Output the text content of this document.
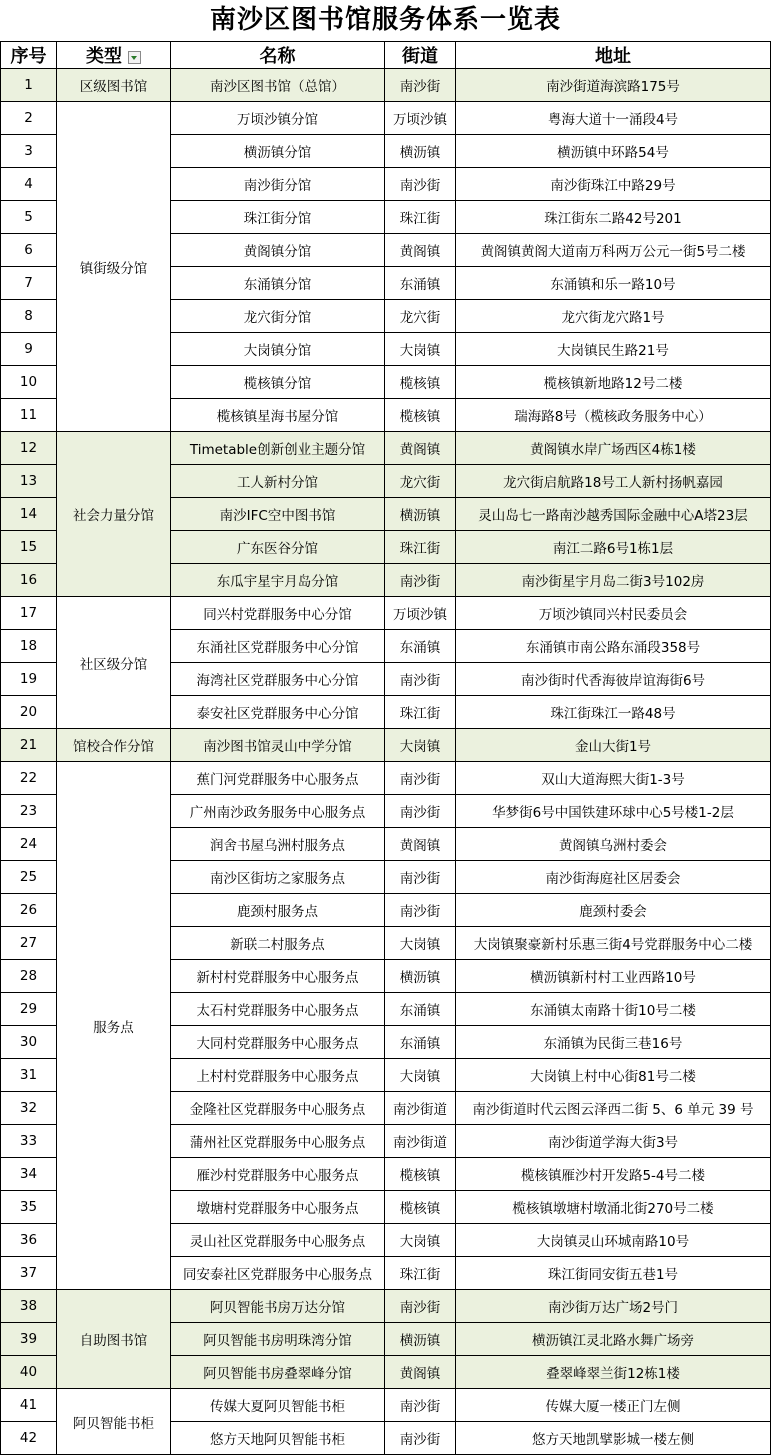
南沙区图书馆服务体系一览表
序号	类型	名称	街道	地址
1	区级图书馆	南沙区图书馆（总馆）	南沙街	南沙街道海滨路175号
2	镇街级分馆	万顷沙镇分馆	万顷沙镇	粤海大道十一涌段4号
3		横沥镇分馆	横沥镇	横沥镇中环路54号
4		南沙街分馆	南沙街	南沙街珠江中路29号
5		珠江街分馆	珠江街	珠江街东二路42号201
6		黄阁镇分馆	黄阁镇	黄阁镇黄阁大道南万科两万公元一街5号二楼
7		东涌镇分馆	东涌镇	东涌镇和乐一路10号
8		龙穴街分馆	龙穴街	龙穴街龙穴路1号
9		大岗镇分馆	大岗镇	大岗镇民生路21号
10		榄核镇分馆	榄核镇	榄核镇新地路12号二楼
11		榄核镇星海书屋分馆	榄核镇	瑞海路8号（榄核政务服务中心）
12	社会力量分馆	Timetable创新创业主题分馆	黄阁镇	黄阁镇水岸广场西区4栋1楼
13		工人新村分馆	龙穴街	龙穴街启航路18号工人新村扬帆嘉园
14		南沙IFC空中图书馆	横沥镇	灵山岛七一路南沙越秀国际金融中心A塔23层
15		广东医谷分馆	珠江街	南江二路6号1栋1层
16		东瓜宇星宇月岛分馆	南沙街	南沙街星宇月岛二街3号102房
17	社区级分馆	同兴村党群服务中心分馆	万顷沙镇	万顷沙镇同兴村民委员会
18		东涌社区党群服务中心分馆	东涌镇	东涌镇市南公路东涌段358号
19		海湾社区党群服务中心分馆	南沙街	南沙街时代香海彼岸谊海街6号
20		泰安社区党群服务中心分馆	珠江街	珠江街珠江一路48号
21	馆校合作分馆	南沙图书馆灵山中学分馆	大岗镇	金山大街1号
22	服务点	蕉门河党群服务中心服务点	南沙街	双山大道海熙大街1-3号
23		广州南沙政务服务中心服务点	南沙街	华梦街6号中国铁建环球中心5号楼1-2层
24		润舍书屋乌洲村服务点	黄阁镇	黄阁镇乌洲村委会
25		南沙区街坊之家服务点	南沙街	南沙街海庭社区居委会
26		鹿颈村服务点	南沙街	鹿颈村委会
27		新联二村服务点	大岗镇	大岗镇聚豪新村乐惠三街4号党群服务中心二楼
28		新村村党群服务中心服务点	横沥镇	横沥镇新村村工业西路10号
29		太石村党群服务中心服务点	东涌镇	东涌镇太南路十街10号二楼
30		大同村党群服务中心服务点	东涌镇	东涌镇为民街三巷16号
31		上村村党群服务中心服务点	大岗镇	大岗镇上村中心街81号二楼
32		金隆社区党群服务中心服务点	南沙街道	南沙街道时代云图云泽西二街 5、6 单元 39 号
33		蒲州社区党群服务中心服务点	南沙街道	南沙街道学海大街3号
34		雁沙村党群服务中心服务点	榄核镇	榄核镇雁沙村开发路5-4号二楼
35		墩塘村党群服务中心服务点	榄核镇	榄核镇墩塘村墩涌北街270号二楼
36		灵山社区党群服务中心服务点	大岗镇	大岗镇灵山环城南路10号
37		同安泰社区党群服务中心服务点	珠江街	珠江街同安街五巷1号
38	自助图书馆	阿贝智能书房万达分馆	南沙街	南沙街万达广场2号门
39		阿贝智能书房明珠湾分馆	横沥镇	横沥镇江灵北路水舞广场旁
40		阿贝智能书房叠翠峰分馆	黄阁镇	叠翠峰翠兰街12栋1楼
41	阿贝智能书柜	传媒大夏阿贝智能书柜	南沙街	传媒大厦一楼正门左侧
42		悠方天地阿贝智能书柜	南沙街	悠方天地凯擘影城一楼左侧
